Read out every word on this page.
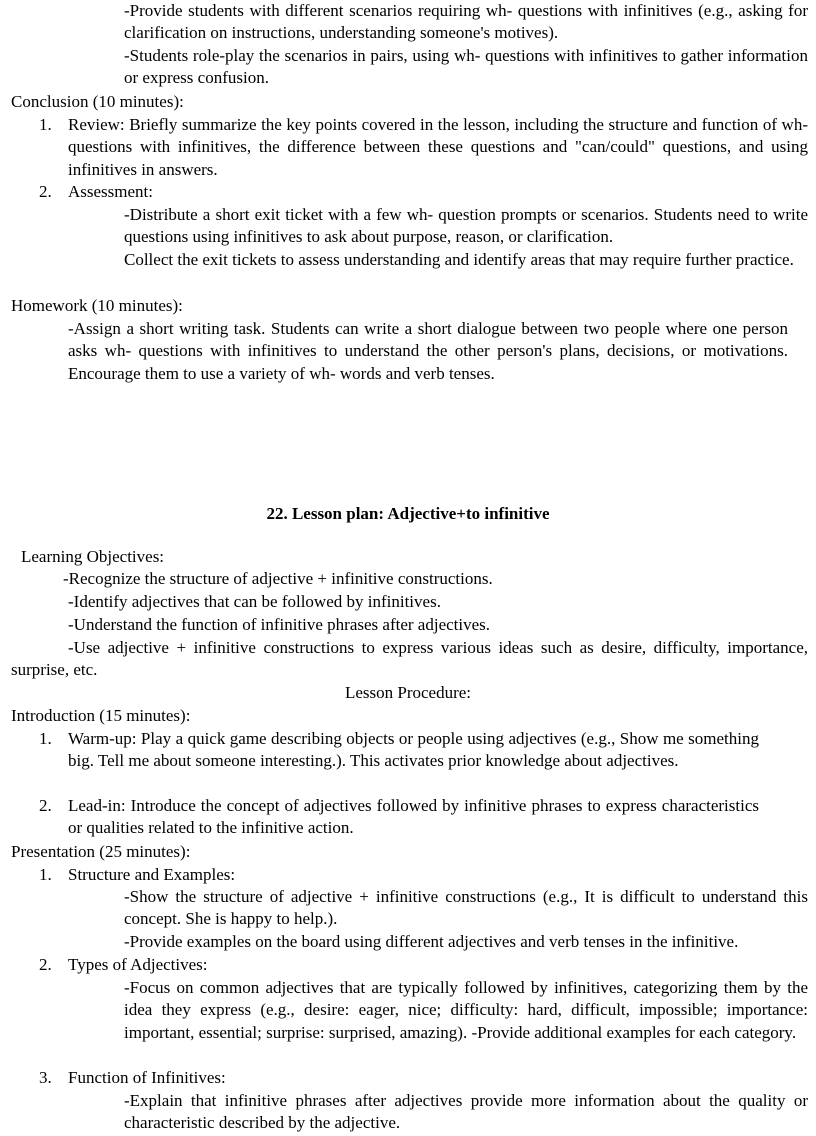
-Provide students with different scenarios requiring wh- questions with infinitives (e.g., asking for clarification on instructions, understanding someone's motives).

-Students role-play the scenarios in pairs, using wh- questions with infinitives to gather information or express confusion.

Conclusion (10 minutes):

1. Review: Briefly summarize the key points covered in the lesson, including the structure and function of wh- questions with infinitives, the difference between these questions and "can/could" questions, and using infinitives in answers.
2. Assessment:

-Distribute a short exit ticket with a few wh- question prompts or scenarios. Students need to write questions using infinitives to ask about purpose, reason, or clarification.

Collect the exit tickets to assess understanding and identify areas that may require further practice.

Homework (10 minutes):

-Assign a short writing task. Students can write a short dialogue between two people where one person asks wh- questions with infinitives to understand the other person's plans, decisions, or motivations. Encourage them to use a variety of wh- words and verb tenses.

22. Lesson plan: Adjective+to infinitive

Learning Objectives:

-Recognize the structure of adjective + infinitive constructions.

-Identify adjectives that can be followed by infinitives.

-Understand the function of infinitive phrases after adjectives.

-Use adjective + infinitive constructions to express various ideas such as desire, difficulty, importance, surprise, etc.

Lesson Procedure:

Introduction (15 minutes):

1. Warm-up: Play a quick game describing objects or people using adjectives (e.g., Show me something big. Tell me about someone interesting.). This activates prior knowledge about adjectives.
2. Lead-in: Introduce the concept of adjectives followed by infinitive phrases to express characteristics or qualities related to the infinitive action.

Presentation (25 minutes):

1. Structure and Examples:

-Show the structure of adjective + infinitive constructions (e.g., It is difficult to understand this concept. She is happy to help.).

-Provide examples on the board using different adjectives and verb tenses in the infinitive.

2. Types of Adjectives:

-Focus on common adjectives that are typically followed by infinitives, categorizing them by the idea they express (e.g., desire: eager, nice; difficulty: hard, difficult, impossible; importance: important, essential; surprise: surprised, amazing). -Provide additional examples for each category.

3. Function of Infinitives:

-Explain that infinitive phrases after adjectives provide more information about the quality or characteristic described by the adjective.
